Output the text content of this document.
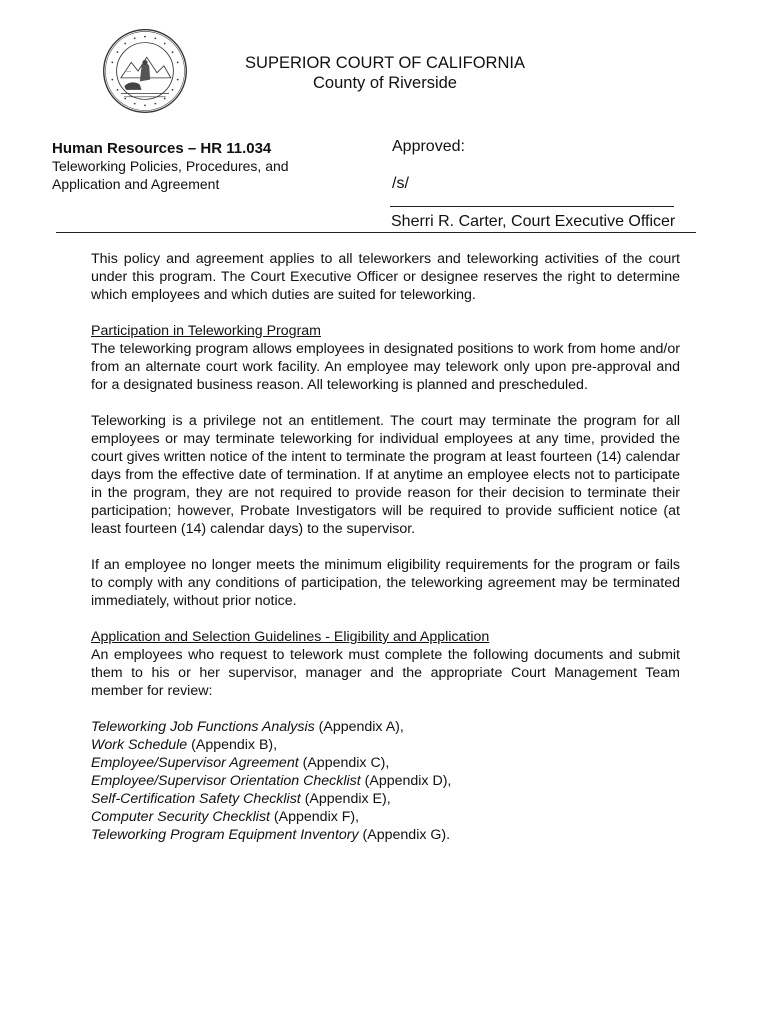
—	SUPERIOR COURT OF CALIFORNIA
County of Riverside
Human Resources – HR 11.034
Teleworking Policies, Procedures, and Application and Agreement
Approved:
/s/
Sherri R. Carter, Court Executive Officer

This policy and agreement applies to all teleworkers and teleworking activities of the court under this program. The Court Executive Officer or designee reserves the right to determine which employees and which duties are suited for teleworking.

Participation in Teleworking Program
The teleworking program allows employees in designated positions to work from home and/or from an alternate court work facility. An employee may telework only upon pre-approval and for a designated business reason. All teleworking is planned and prescheduled.

Teleworking is a privilege not an entitlement. The court may terminate the program for all employees or may terminate teleworking for individual employees at any time, provided the court gives written notice of the intent to terminate the program at least fourteen (14) calendar days from the effective date of termination. If at anytime an employee elects not to participate in the program, they are not required to provide reason for their decision to terminate their participation; however, Probate Investigators will be required to provide sufficient notice (at least fourteen (14) calendar days) to the supervisor.

If an employee no longer meets the minimum eligibility requirements for the program or fails to comply with any conditions of participation, the teleworking agreement may be terminated immediately, without prior notice.

Application and Selection Guidelines - Eligibility and Application
An employees who request to telework must complete the following documents and submit them to his or her supervisor, manager and the appropriate Court Management Team member for review:

Teleworking Job Functions Analysis (Appendix A),
Work Schedule (Appendix B),
Employee/Supervisor Agreement (Appendix C),
Employee/Supervisor Orientation Checklist (Appendix D),
Self-Certification Safety Checklist (Appendix E),
Computer Security Checklist (Appendix F),
Teleworking Program Equipment Inventory (Appendix G).
